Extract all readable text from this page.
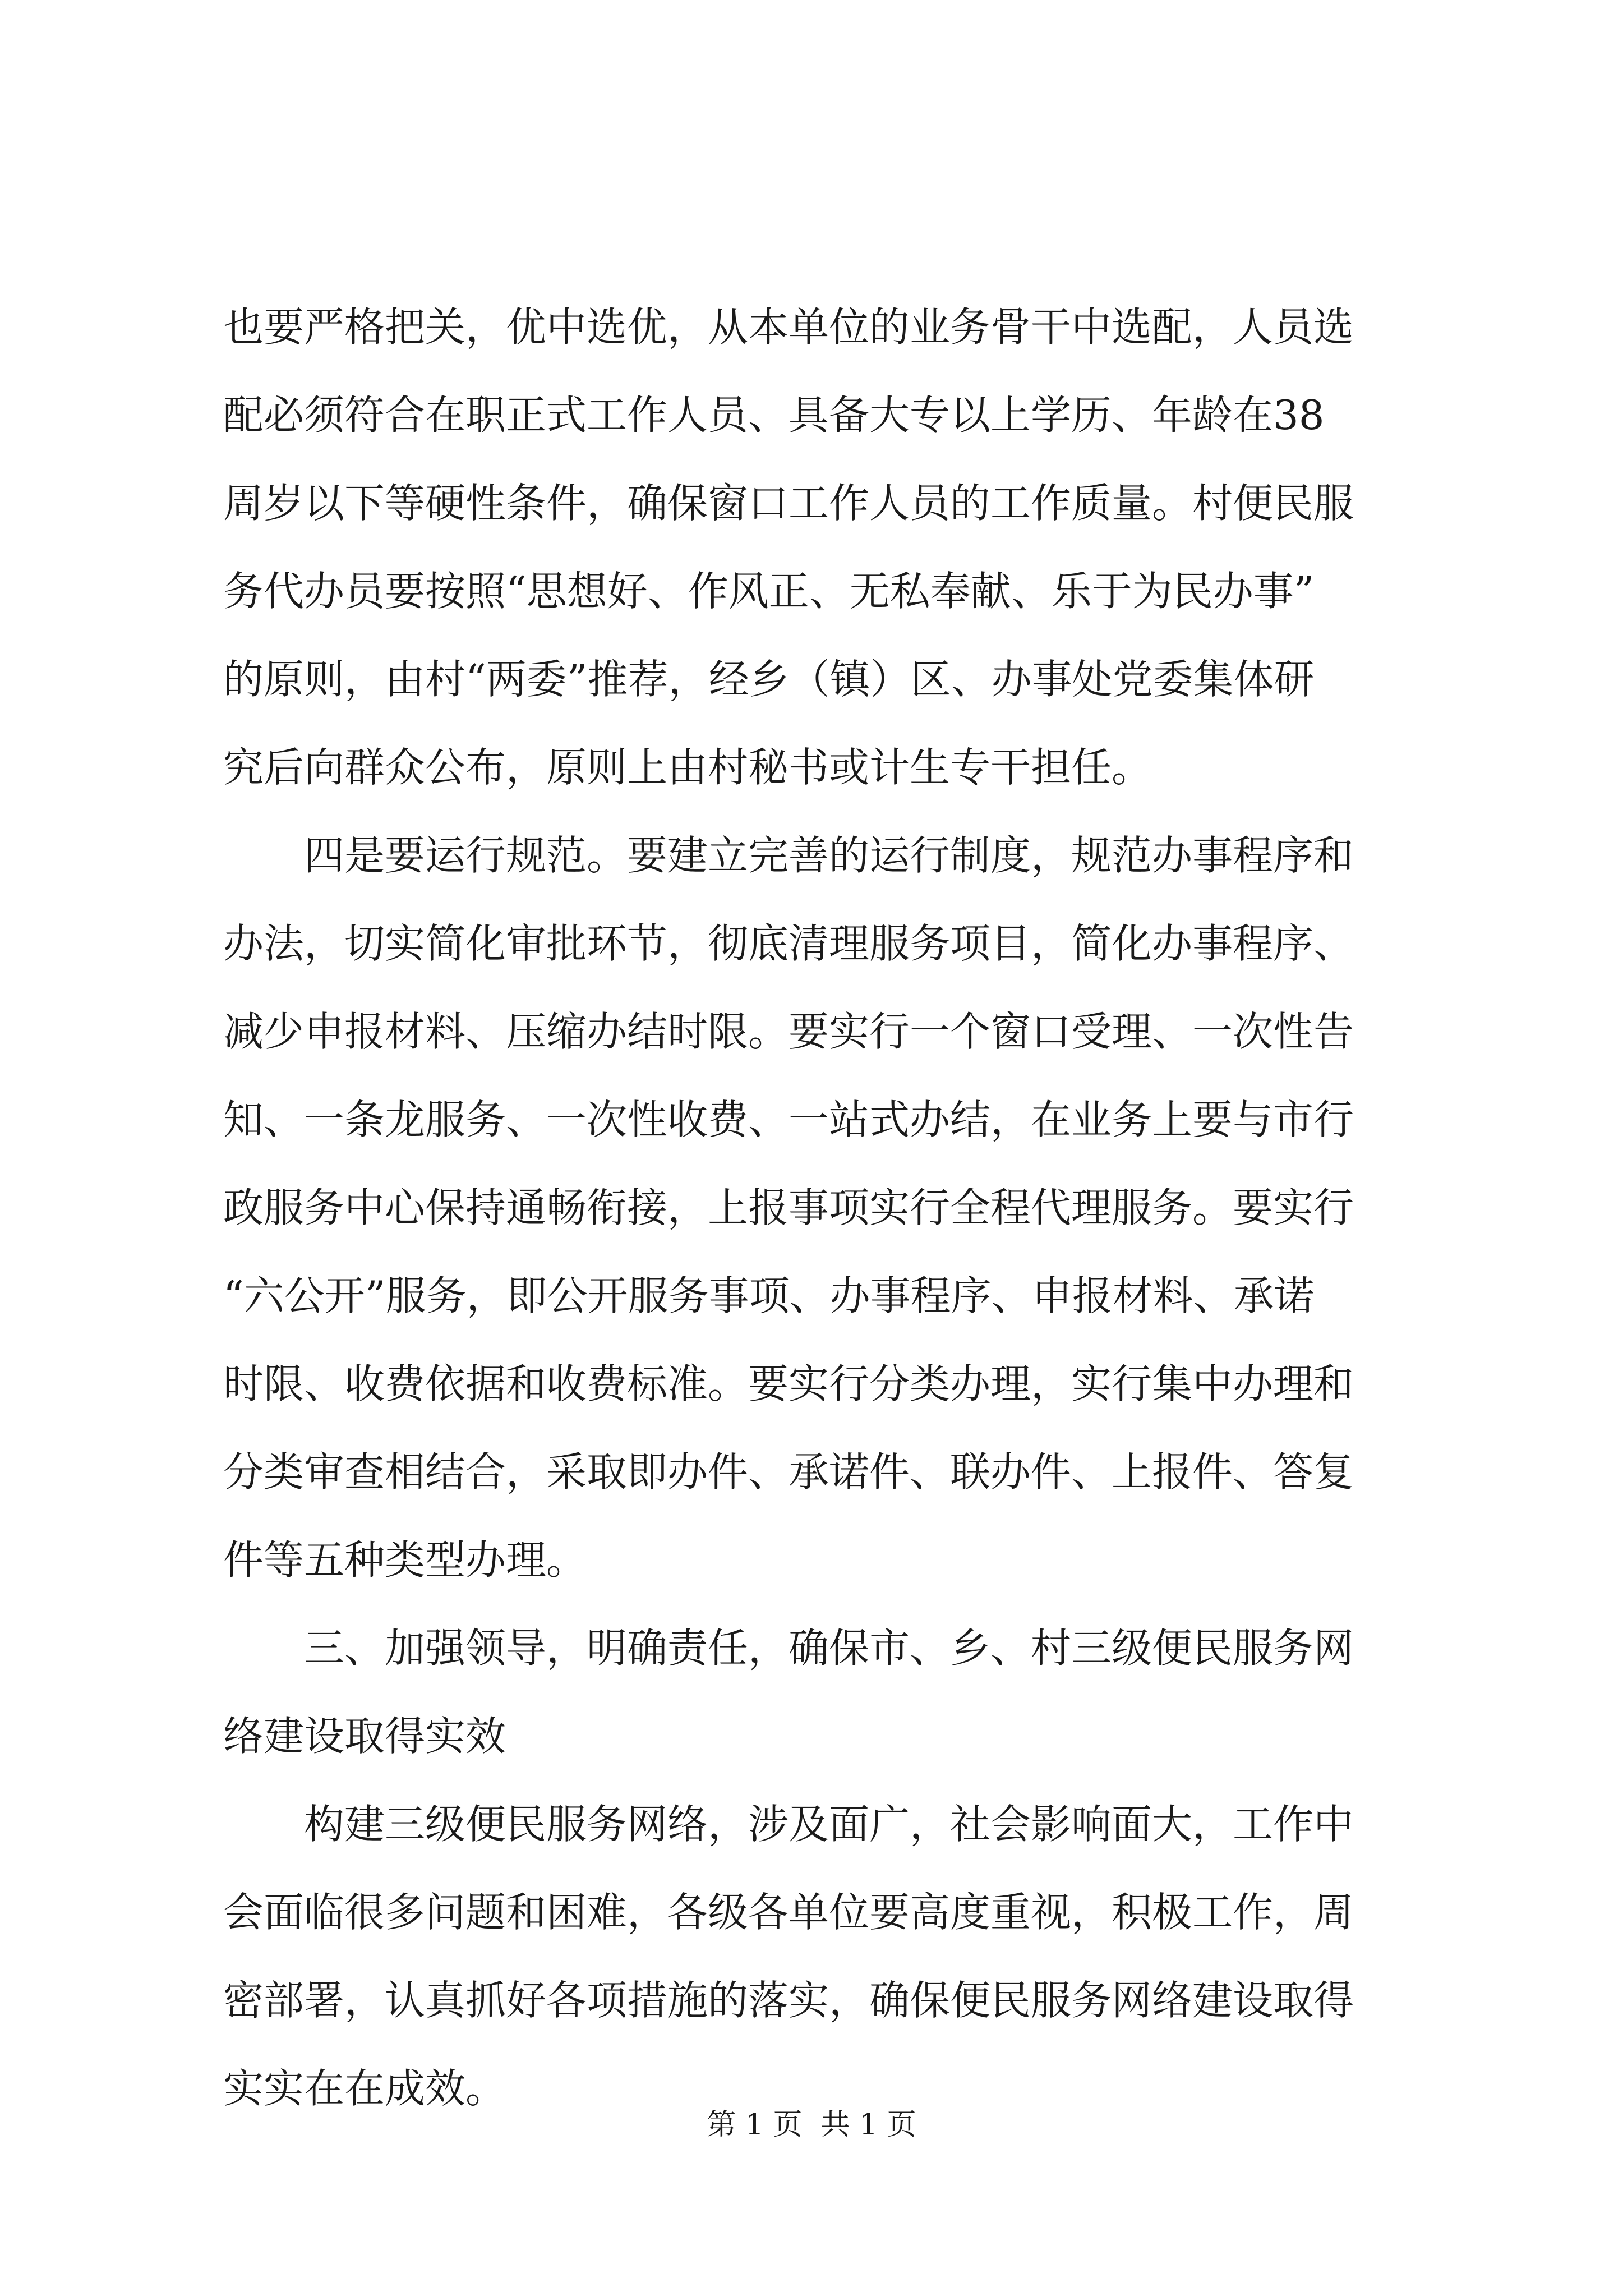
也要严格把关，优中选优，从本单位的业务骨干中选配，人员选
配必须符合在职正式工作人员、具备大专以上学历、年龄在38
周岁以下等硬性条件，确保窗口工作人员的工作质量。村便民服
务代办员要按照“思想好、作风正、无私奉献、乐于为民办事”
的原则，由村“两委”推荐，经乡（镇）区、办事处党委集体研
究后向群众公布，原则上由村秘书或计生专干担任。
四是要运行规范。要建立完善的运行制度，规范办事程序和
办法，切实简化审批环节，彻底清理服务项目，简化办事程序、
减少申报材料、压缩办结时限。要实行一个窗口受理、一次性告
知、一条龙服务、一次性收费、一站式办结，在业务上要与市行
政服务中心保持通畅衔接，上报事项实行全程代理服务。要实行
“六公开”服务，即公开服务事项、办事程序、申报材料、承诺
时限、收费依据和收费标准。要实行分类办理，实行集中办理和
分类审查相结合，采取即办件、承诺件、联办件、上报件、答复
件等五种类型办理。
三、加强领导，明确责任，确保市、乡、村三级便民服务网
络建设取得实效
构建三级便民服务网络，涉及面广，社会影响面大，工作中
会面临很多问题和困难，各级各单位要高度重视，积极工作，周
密部署，认真抓好各项措施的落实，确保便民服务网络建设取得
实实在在成效。
第 1 页  共 1 页
